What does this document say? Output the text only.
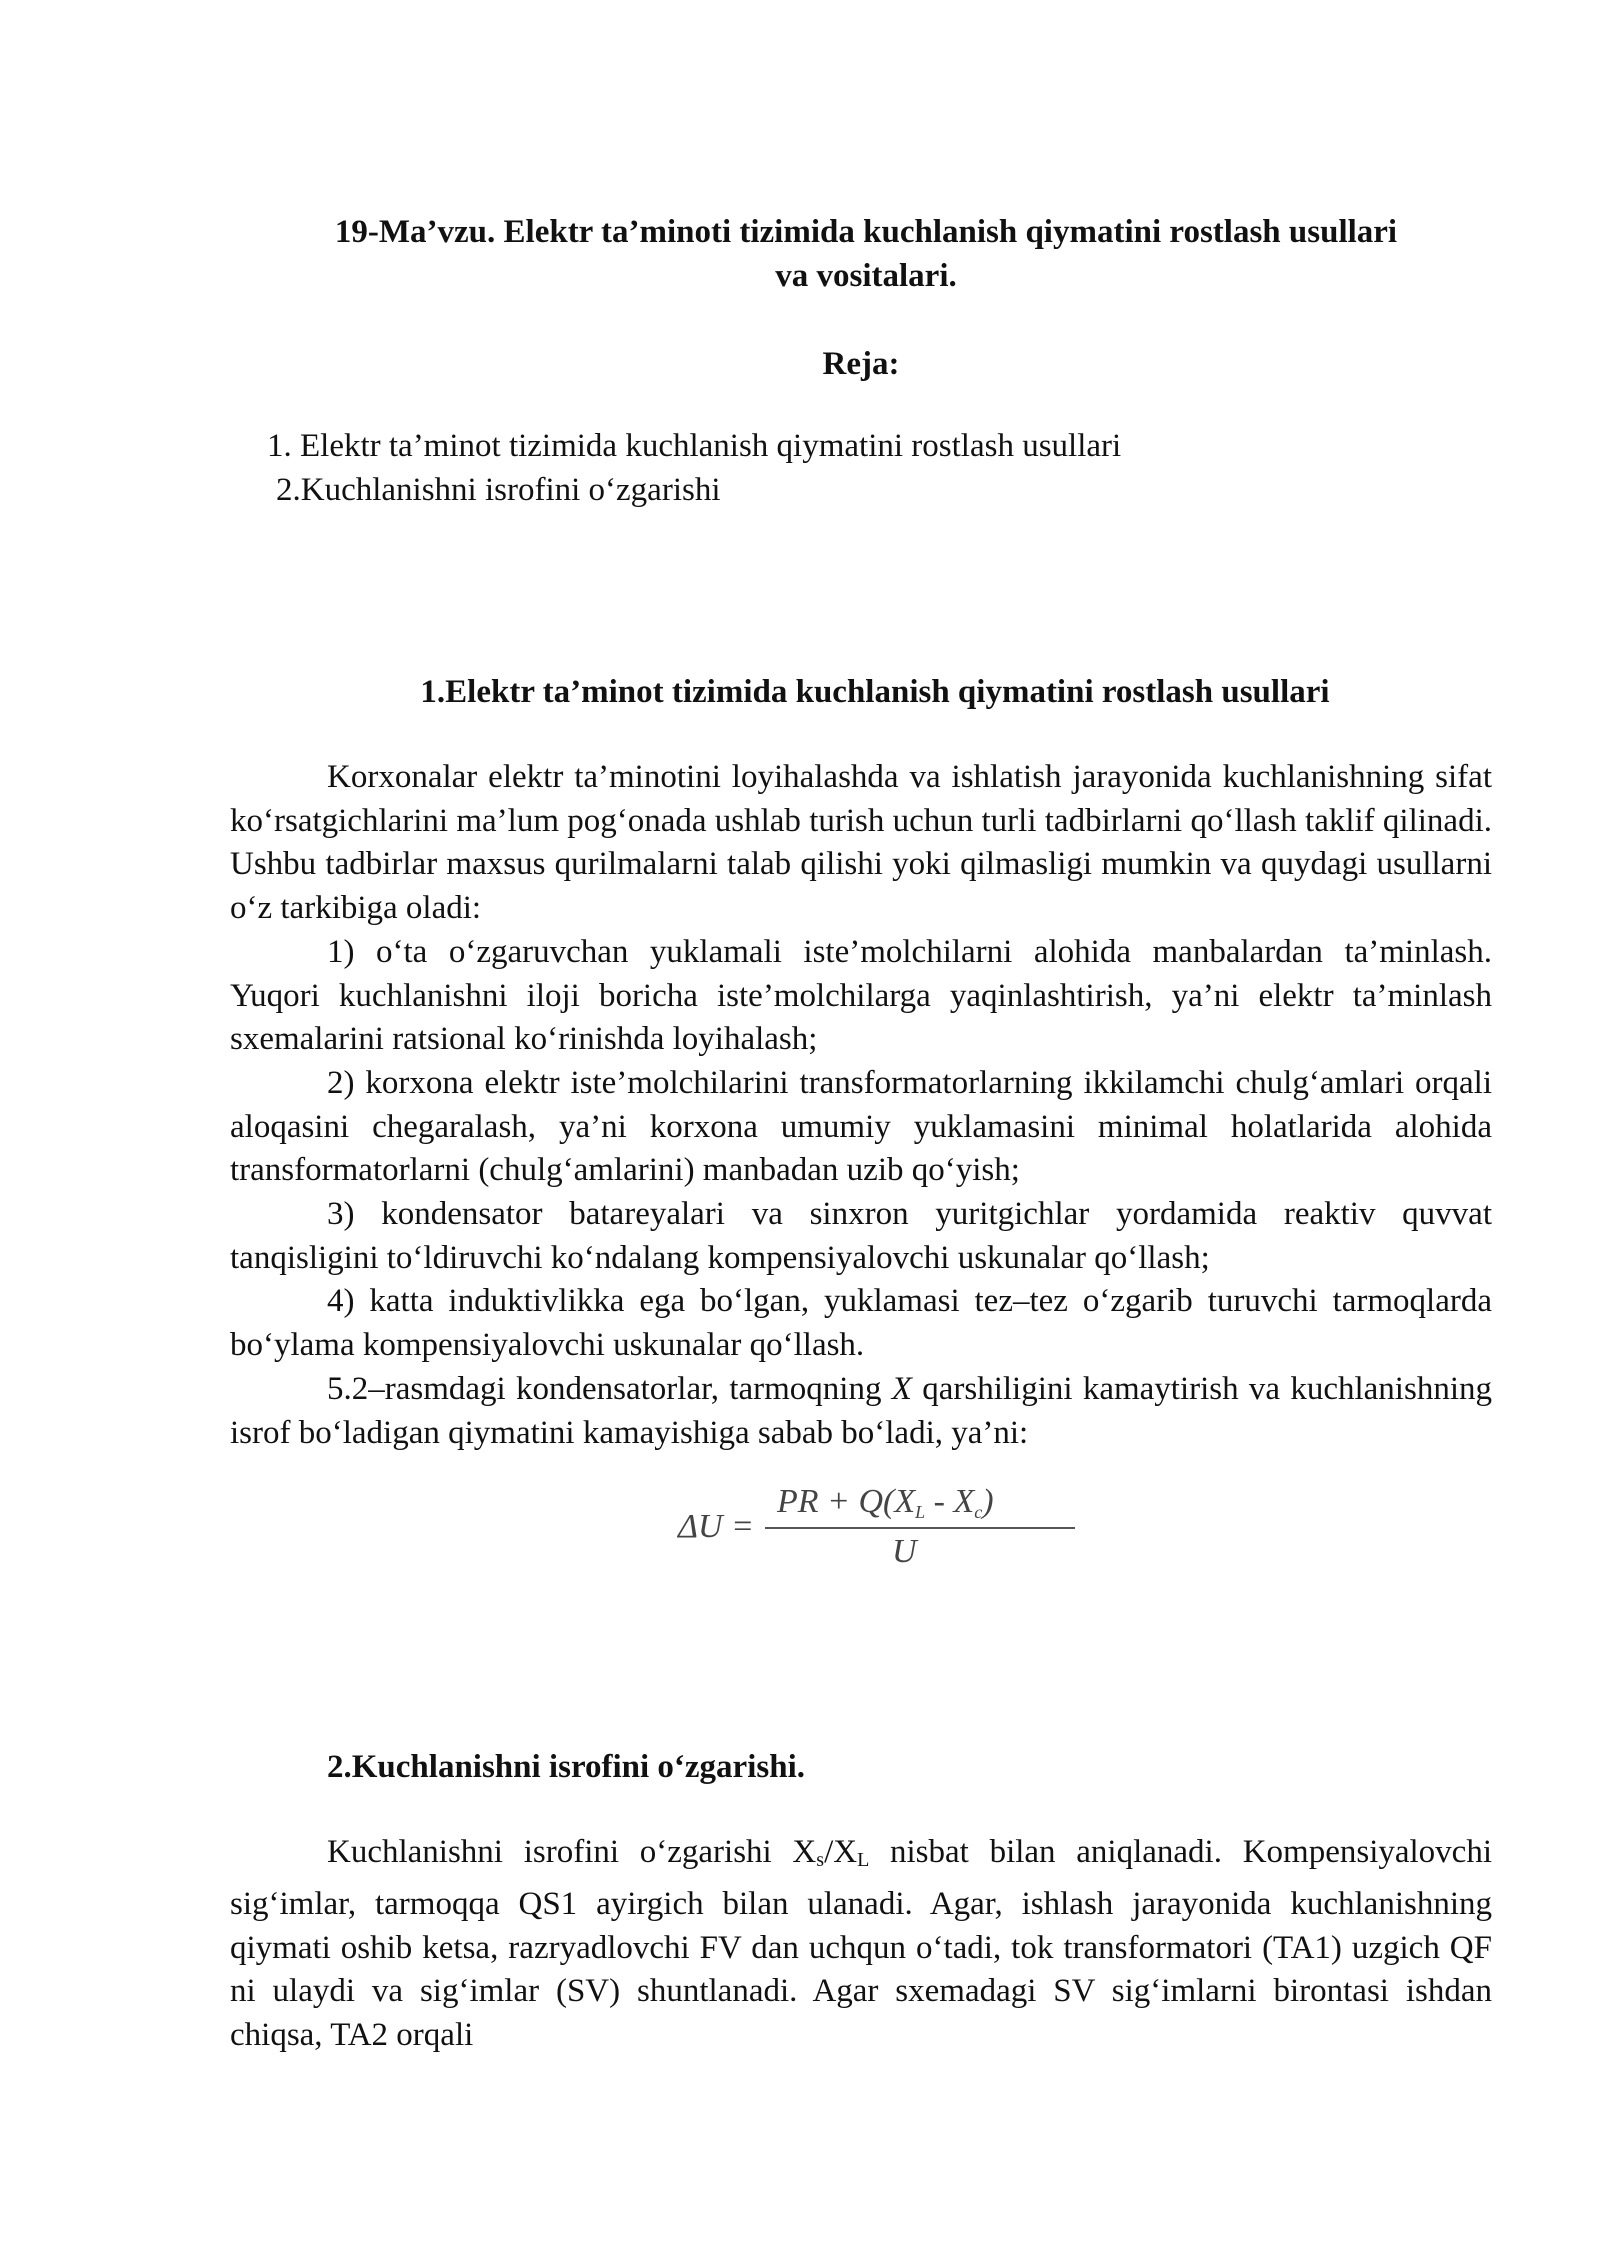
19-Ma’vzu. Elektr ta’minoti tizimida kuchlanish qiymatini rostlash usullari
va vositalari.

Reja:

1. Elektr ta’minot tizimida kuchlanish qiymatini rostlash usullari
2.Kuchlanishni isrofini o‘zgarishi

1.Elektr ta’minot tizimida kuchlanish qiymatini rostlash usullari

Korxonalar elektr ta’minotini loyihalashda va ishlatish jarayonida kuchlanishning sifat ko‘rsatgichlarini ma’lum pog‘onada ushlab turish uchun turli tadbirlarni qo‘llash taklif qilinadi. Ushbu tadbirlar maxsus qurilmalarni talab qilishi yoki qilmasligi mumkin va quydagi usullarni o‘z tarkibiga oladi:

1) o‘ta o‘zgaruvchan yuklamali iste’molchilarni alohida manbalardan ta’minlash. Yuqori kuchlanishni iloji boricha iste’molchilarga yaqinlashtirish, ya’ni elektr ta’minlash sxemalarini ratsional ko‘rinishda loyihalash;

2) korxona elektr iste’molchilarini transformatorlarning ikkilamchi chulg‘amlari orqali aloqasini chegaralash, ya’ni korxona umumiy yuklamasini minimal holatlarida alohida transformatorlarni (chulg‘amlarini) manbadan uzib qo‘yish;

3) kondensator batareyalari va sinxron yuritgichlar yordamida reaktiv quvvat tanqisligini to‘ldiruvchi ko‘ndalang kompensiyalovchi uskunalar qo‘llash;

4) katta induktivlikka ega bo‘lgan, yuklamasi tez–tez o‘zgarib turuvchi tarmoqlarda bo‘ylama kompensiyalovchi uskunalar qo‘llash.

5.2–rasmdagi kondensatorlar, tarmoqning X qarshiligini kamaytirish va kuchlanishning isrof bo‘ladigan qiymatini kamayishiga sabab bo‘ladi, ya’ni:

ΔU =
PR + $Q(X_L - X_c)$
U

2.Kuchlanishni isrofini o‘zgarishi.

Kuchlanishni isrofini o‘zgarishi Xs/XL nisbat bilan aniqlanadi. Kompensiyalovchi sig‘imlar, tarmoqqa QS1 ayirgich bilan ulanadi. Agar, ishlash jarayonida kuchlanishning qiymati oshib ketsa, razryadlovchi FV dan uchqun o‘tadi, tok transformatori (TA1) uzgich QF ni ulaydi va sig‘imlar (SV) shuntlanadi. Agar sxemadagi SV sig‘imlarni birontasi ishdan chiqsa, TA2 orqali
